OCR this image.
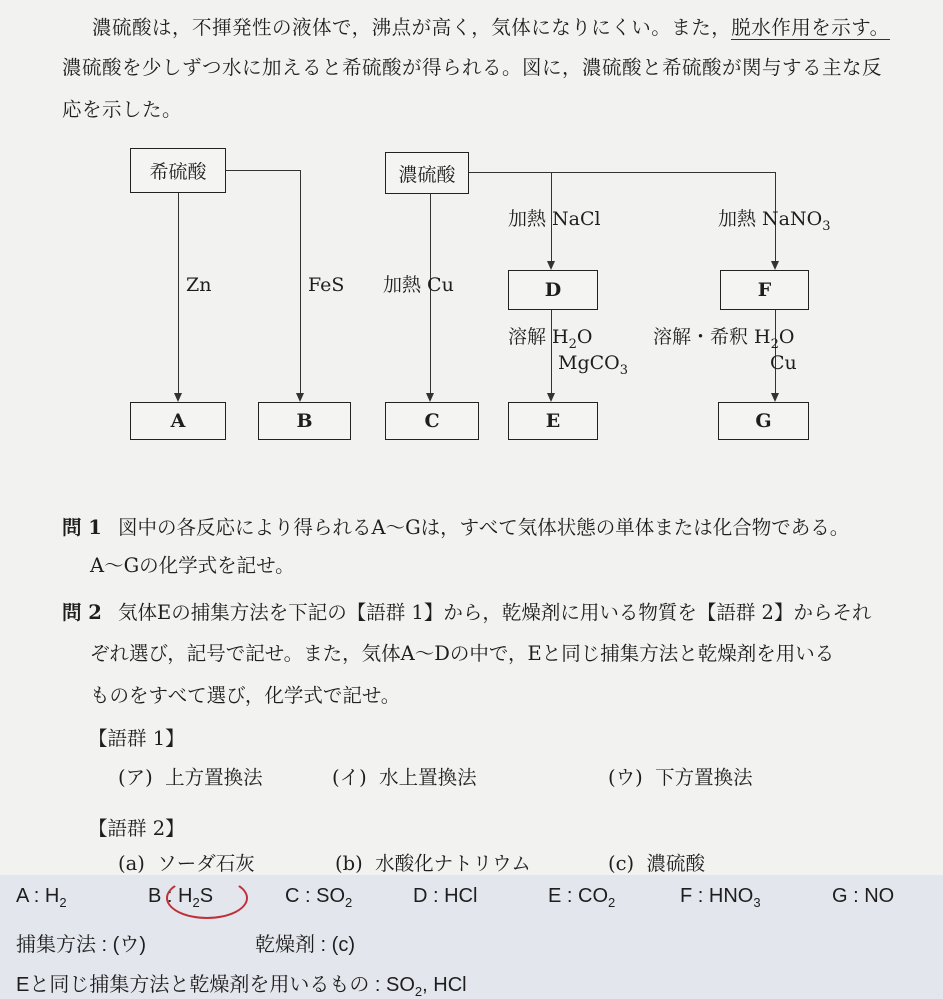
濃硫酸は，不揮発性の液体で，沸点が高く，気体になりにくい。また，脱水作用を示す。
濃硫酸を少しずつ水に加えると希硫酸が得られる。図に，濃硫酸と希硫酸が関与する主な反
応を示した。
希硫酸	濃硫酸
D	F
A	B	C	E	G
Zn	FeS 加熱 Cu
加熱 NaCl	加熱 NaNO$_3$
溶解 $H_2O$
MgCO$_3$
溶解・希釈 $H_2O$
Cu
問 1 図中の各反応により得られるA～Gは，すべて気体状態の単体または化合物である。
A～Gの化学式を記せ。
問 2 気体Eの捕集方法を下記の【語群 1】から，乾燥剤に用いる物質を【語群 2】からそれ
ぞれ選び，記号で記せ。また，気体A～Dの中で，Eと同じ捕集方法と乾燥剤を用いる
ものをすべて選び，化学式で記せ。
【語群 1】
(ア) 上方置換法	(イ) 水上置換法	(ウ) 下方置換法
【語群 2】
(a) ソーダ石灰	(b) 水酸化ナトリウム	(c) 濃硫酸
A : $H_2$	B : $H_2S$	C : $SO_2$	D : HCl	E : $CO_2$	F : $HNO_3$	G : NO
捕集方法 : (ウ)	乾燥剤 : (c)
Eと同じ捕集方法と乾燥剤を用いるもの : $SO_2$, HCl
